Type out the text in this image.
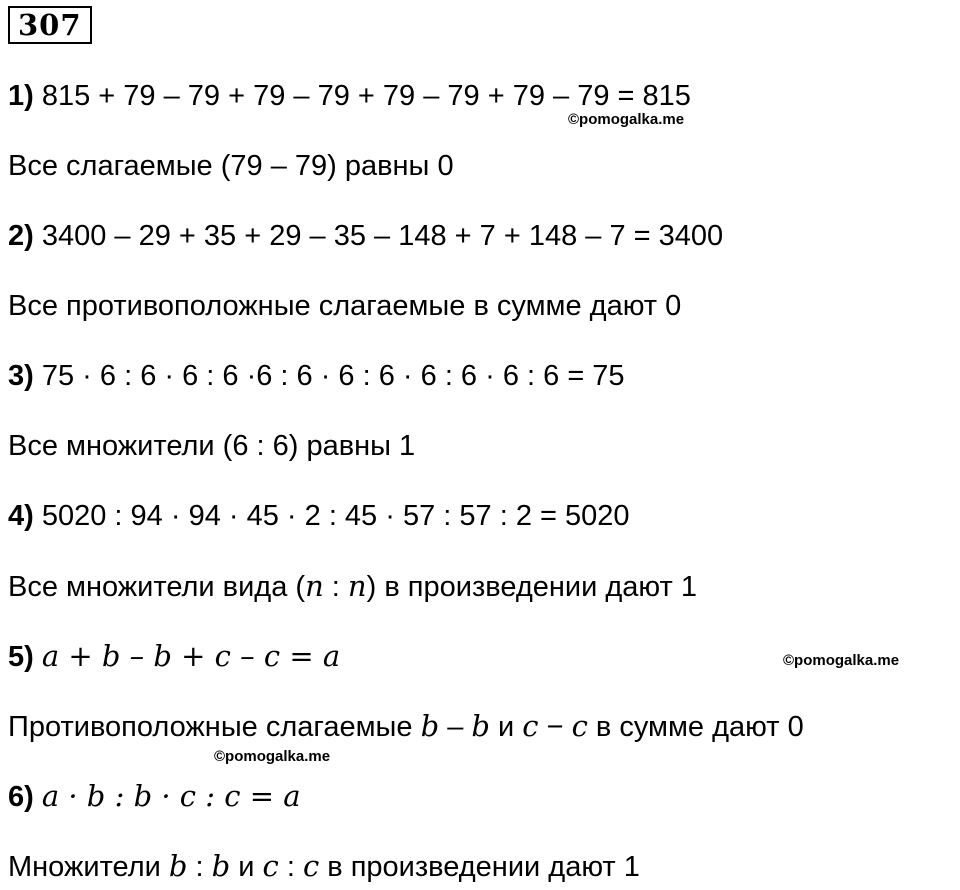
307
1) 815 + 79 – 79 + 79 – 79 + 79 – 79 + 79 – 79 = 815
Все слагаемые (79 – 79) равны 0
2) 3400 – 29 + 35 + 29 – 35 – 148 + 7 + 148 – 7 = 3400
Все противоположные слагаемые в сумме дают 0
3) 75 · 6 : 6 · 6 : 6 ·6 : 6 · 6 : 6 · 6 : 6 · 6 : 6 = 75
Все множители (6 : 6) равны 1
4) 5020 : 94 · 94 · 45 · 2 : 45 · 57 : 57 : 2 = 5020
Все множители вида (n : n) в произведении дают 1
5) a + b – b + c – c = a
Противоположные слагаемые b – b и c − c в сумме дают 0
6) a · b : b · c : c = a
Множители b : b и c : c в произведении дают 1
©pomogalka.me
©pomogalka.me
©pomogalka.me
